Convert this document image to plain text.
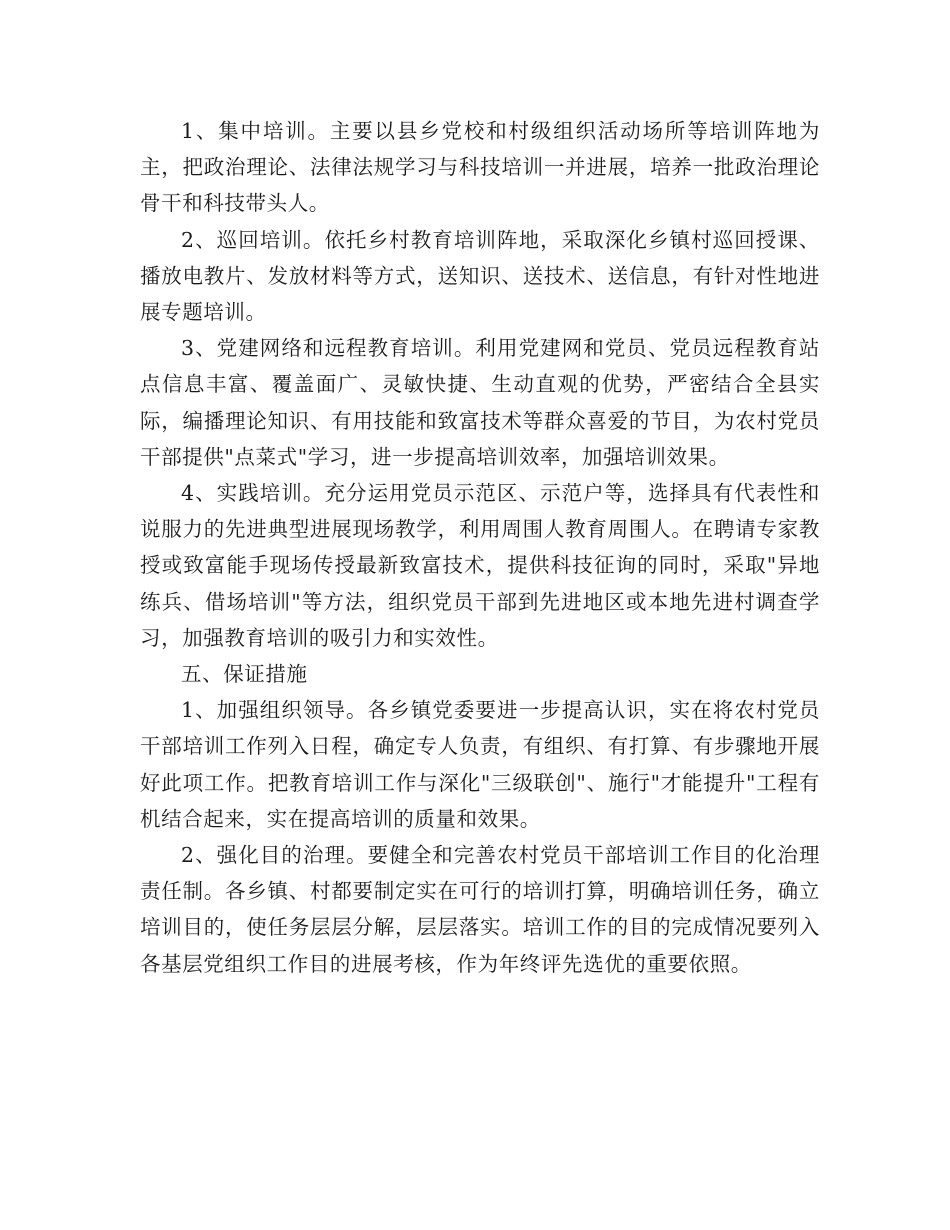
1、集中培训。主要以县乡党校和村级组织活动场所等培训阵地为主，把政治理论、法律法规学习与科技培训一并进展，培养一批政治理论骨干和科技带头人。

2、巡回培训。依托乡村教育培训阵地，采取深化乡镇村巡回授课、播放电教片、发放材料等方式，送知识、送技术、送信息，有针对性地进展专题培训。

3、党建网络和远程教育培训。利用党建网和党员、党员远程教育站点信息丰富、覆盖面广、灵敏快捷、生动直观的优势，严密结合全县实际，编播理论知识、有用技能和致富技术等群众喜爱的节目，为农村党员干部提供"点菜式"学习，进一步提高培训效率，加强培训效果。

4、实践培训。充分运用党员示范区、示范户等，选择具有代表性和说服力的先进典型进展现场教学，利用周围人教育周围人。在聘请专家教授或致富能手现场传授最新致富技术，提供科技征询的同时，采取"异地练兵、借场培训"等方法，组织党员干部到先进地区或本地先进村调查学习，加强教育培训的吸引力和实效性。

五、保证措施

1、加强组织领导。各乡镇党委要进一步提高认识，实在将农村党员干部培训工作列入日程，确定专人负责，有组织、有打算、有步骤地开展好此项工作。把教育培训工作与深化"三级联创"、施行"才能提升"工程有机结合起来，实在提高培训的质量和效果。

2、强化目的治理。要健全和完善农村党员干部培训工作目的化治理责任制。各乡镇、村都要制定实在可行的培训打算，明确培训任务，确立培训目的，使任务层层分解，层层落实。培训工作的目的完成情况要列入各基层党组织工作目的进展考核，作为年终评先选优的重要依照。
